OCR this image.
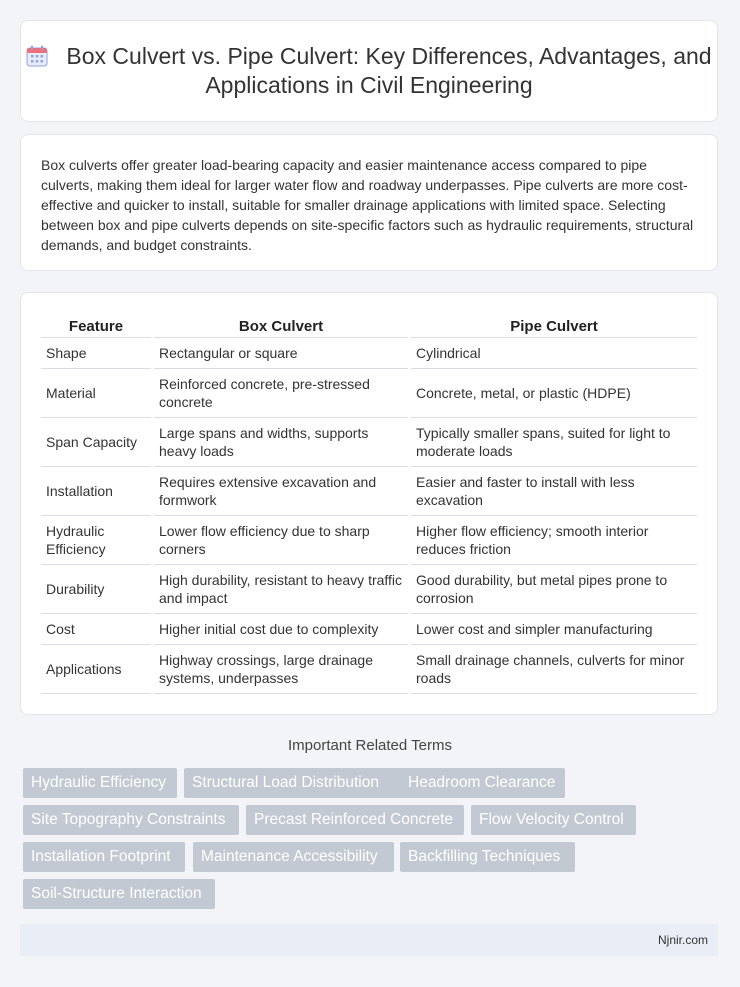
Box Culvert vs. Pipe Culvert: Key Differences, Advantages, and Applications in Civil Engineering

Box culverts offer greater load-bearing capacity and easier maintenance access compared to pipe culverts, making them ideal for larger water flow and roadway underpasses. Pipe culverts are more cost-effective and quicker to install, suitable for smaller drainage applications with limited space. Selecting between box and pipe culverts depends on site-specific factors such as hydraulic requirements, structural demands, and budget constraints.

Feature	Box Culvert	Pipe Culvert
Shape	Rectangular or square	Cylindrical
Material	Reinforced concrete, pre-stressed concrete	Concrete, metal, or plastic (HDPE)
Span Capacity	Large spans and widths, supports heavy loads	Typically smaller spans, suited for light to moderate loads
Installation	Requires extensive excavation and formwork	Easier and faster to install with less excavation
Hydraulic Efficiency	Lower flow efficiency due to sharp corners	Higher flow efficiency; smooth interior reduces friction
Durability	High durability, resistant to heavy traffic and impact	Good durability, but metal pipes prone to corrosion
Cost	Higher initial cost due to complexity	Lower cost and simpler manufacturing
Applications	Highway crossings, large drainage systems, underpasses	Small drainage channels, culverts for minor roads
Important Related Terms
Hydraulic Efficiency	Structural Load Distribution	Headroom Clearance
Site Topography Constraints	Precast Reinforced Concrete	Flow Velocity Control
Installation Footprint	Maintenance Accessibility	Backfilling Techniques
Soil-Structure Interaction
Njnir.com
